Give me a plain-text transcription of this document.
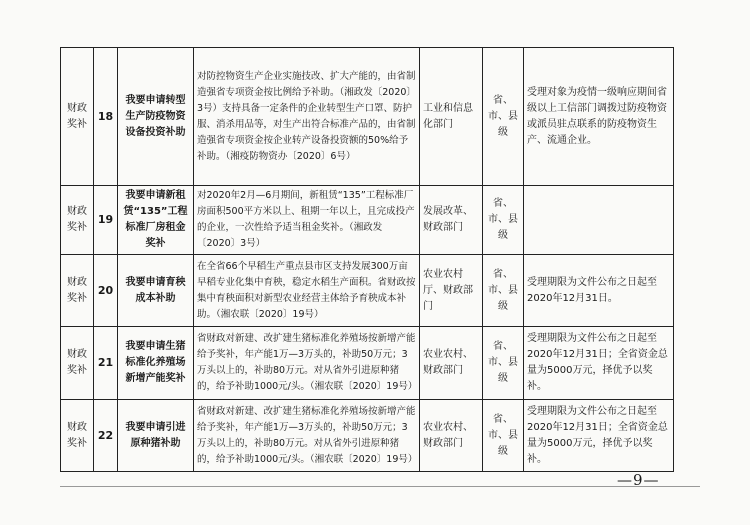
财政奖补	18	我要申请转型生产防疫物资设备投资补助	对防控物资生产企业实施技改、扩大产能的，由省制造强省专项资金按比例给予补助。（湘政发〔2020〕3号）支持具备一定条件的企业转型生产口罩、防护服、消杀用品等，对生产出符合标准产品的，由省制造强省专项资金按企业转产设备投资额的50%给予补助。（湘疫防物资办〔2020〕6号）	工业和信息化部门	省、市、县级	受理对象为疫情一级响应期间省级以上工信部门调拨过防疫物资或派员驻点联系的防疫物资生产、流通企业。
财政奖补	19	我要申请新租赁“135”工程标准厂房租金奖补	对2020年2月—6月期间，新租赁“135”工程标准厂房面积500平方米以上、租期一年以上，且完成投产的企业，一次性给予适当租金奖补。（湘政发〔2020〕3号）	发展改革、财政部门	省、市、县级	
财政奖补	20	我要申请育秧成本补助	在全省66个早稻生产重点县市区支持发展300万亩早稻专业化集中育秧，稳定水稻生产面积。省财政按集中育秧面积对新型农业经营主体给予育秧成本补助。（湘农联〔2020〕19号）	农业农村厅、财政部门	省、市、县级	受理期限为文件公布之日起至2020年12月31日。
财政奖补	21	我要申请生猪标准化养殖场新增产能奖补	省财政对新建、改扩建生猪标准化养殖场按新增产能给予奖补，年产能1万—3万头的，补助50万元；3万头以上的，补助80万元。对从省外引进原种猪的，给予补助1000元/头。（湘农联〔2020〕19号）	农业农村、财政部门	省、市、县级	受理期限为文件公布之日起至2020年12月31日；全省资金总量为5000万元，择优予以奖补。
财政奖补	22	我要申请引进原种猪补助	省财政对新建、改扩建生猪标准化养殖场按新增产能给予奖补，年产能1万—3万头的，补助50万元；3万头以上的，补助80万元。对从省外引进原种猪的，给予补助1000元/头。（湘农联〔2020〕19号）	农业农村、财政部门	省、市、县级	受理期限为文件公布之日起至2020年12月31日；全省资金总量为5000万元，择优予以奖补。
—9—
